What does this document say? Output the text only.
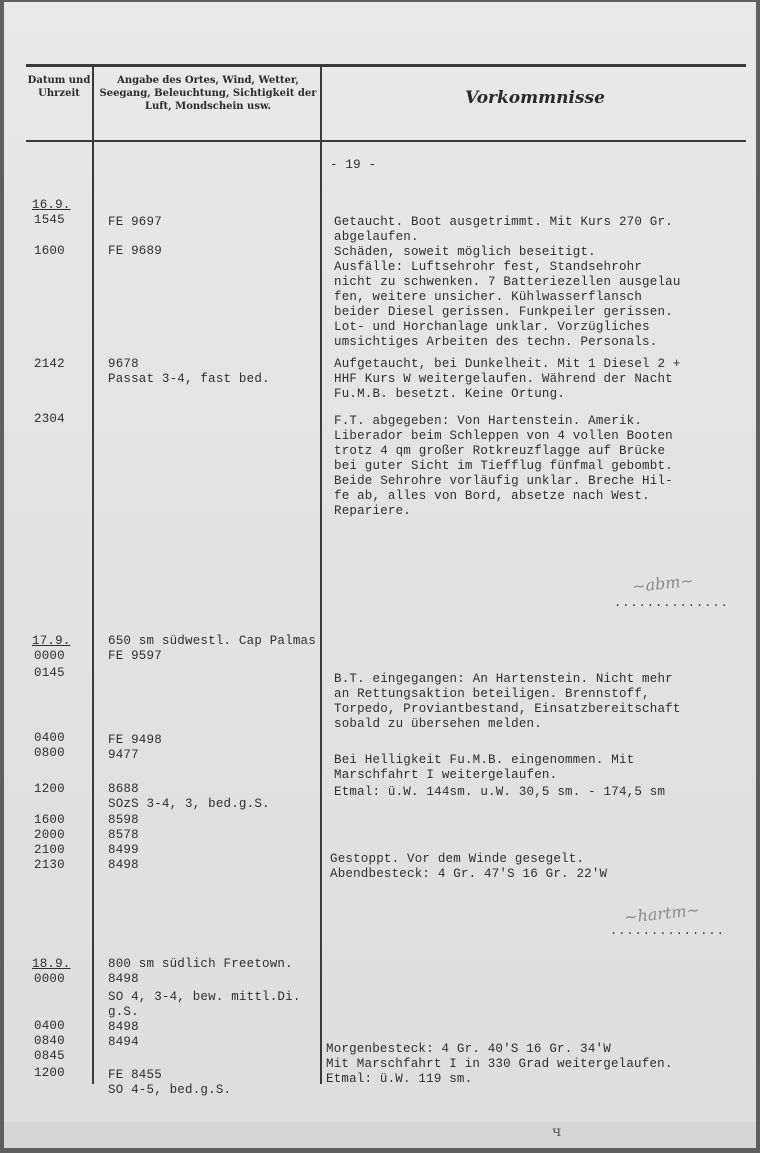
Datum und Uhrzeit
Angabe des Ortes, Wind, Wetter, Seegang, Beleuchtung, Sichtigkeit der Luft, Mondschein usw.	Vorkommnisse
- 19 -
16.9.
1545
1600
2142
2304
FE 9697
FE 9689
9678
Passat 3-4, fast bed.
Getaucht. Boot ausgetrimmt. Mit Kurs 270 Gr.
abgelaufen.
Schäden, soweit möglich beseitigt.
Ausfälle: Luftsehrohr fest, Standsehrohr
nicht zu schwenken. 7 Batteriezellen ausgelau
fen, weitere unsicher. Kühlwasserflansch
beider Diesel gerissen. Funkpeiler gerissen.
Lot- und Horchanlage unklar. Vorzügliches
umsichtiges Arbeiten des techn. Personals.
Aufgetaucht, bei Dunkelheit. Mit 1 Diesel 2 +
HHF Kurs W weitergelaufen. Während der Nacht
Fu.M.B. besetzt. Keine Ortung.
F.T. abgegeben: Von Hartenstein. Amerik.
Liberador beim Schleppen von 4 vollen Booten
trotz 4 qm großer Rotkreuzflagge auf Brücke
bei guter Sicht im Tiefflug fünfmal gebombt.
Beide Sehrohre vorläufig unklar. Breche Hil-
fe ab, alles von Bord, absetze nach West.
Repariere.
~abm~
..............
17.9.
0000
0145
0400
0800
1200
1600
2000
2100
2130
650 sm südwestl. Cap Palmas
FE 9597
FE 9498
9477
8688
SOzS 3-4, 3, bed.g.S.
8598
8578
8499
8498
B.T. eingegangen: An Hartenstein. Nicht mehr
an Rettungsaktion beteiligen. Brennstoff,
Torpedo, Proviantbestand, Einsatzbereitschaft
sobald zu übersehen melden.
Bei Helligkeit Fu.M.B. eingenommen. Mit
Marschfahrt I weitergelaufen.
Etmal: ü.W. 144sm. u.W. 30,5 sm. - 174,5 sm
Gestoppt. Vor dem Winde gesegelt.
Abendbesteck: 4 Gr. 47'S 16 Gr. 22'W
~hartm~
..............
18.9.
0000
0400
0840
0845
1200
800 sm südlich Freetown.
8498
SO 4, 3-4, bew. mittl.Di.
g.S.
8498
8494
FE 8455
SO 4-5, bed.g.S.
Morgenbesteck: 4 Gr. 40'S 16 Gr. 34'W
Mit Marschfahrt I in 330 Grad weitergelaufen.
Etmal: ü.W. 119 sm.
ч
